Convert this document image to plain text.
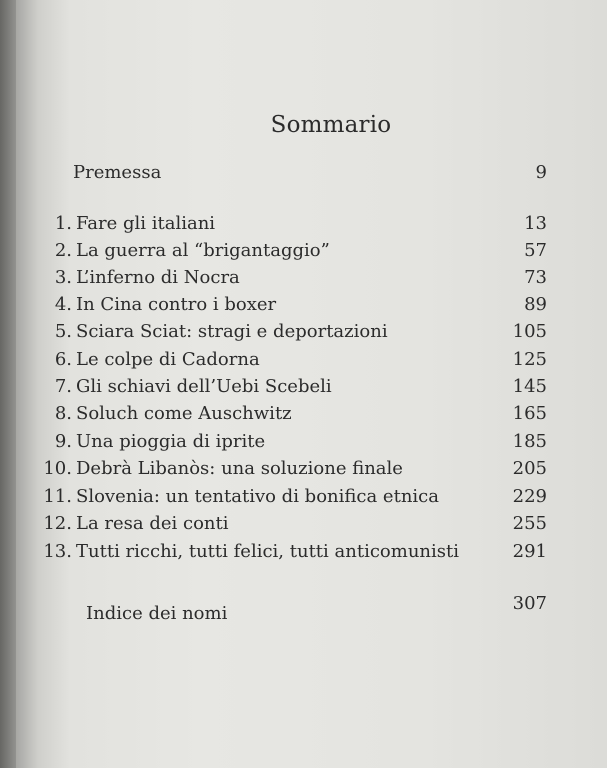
Sommario
Premessa	9
1. Fare gli italiani	13
2. La guerra al “brigantaggio”	57
3. L’inferno di Nocra	73
4. In Cina contro i boxer	89
5. Sciara Sciat: stragi e deportazioni	105
6. Le colpe di Cadorna	125
7. Gli schiavi dell’Uebi Scebeli	145
8. Soluch come Auschwitz	165
9. Una pioggia di iprite	185
10. Debrà Libanòs: una soluzione finale	205
11. Slovenia: un tentativo di bonifica etnica	229
12. La resa dei conti	255
13. Tutti ricchi, tutti felici, tutti anticomunisti	291
Indice dei nomi	307
